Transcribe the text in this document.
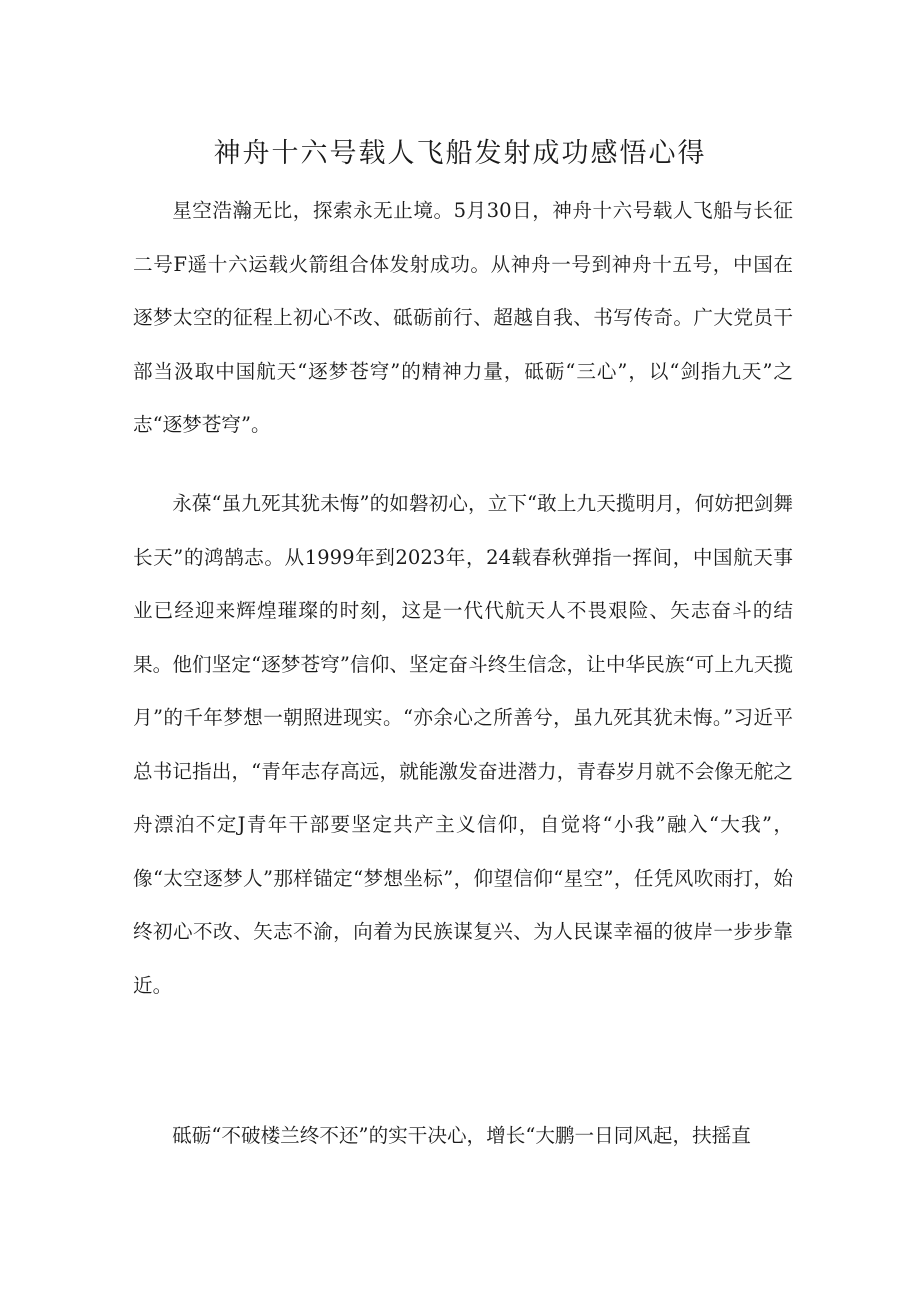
神舟十六号载人飞船发射成功感悟心得

星空浩瀚无比，探索永无止境。5月30日，神舟十六号载人飞船与长征二号F遥十六运载火箭组合体发射成功。从神舟一号到神舟十五号，中国在逐梦太空的征程上初心不改、砥砺前行、超越自我、书写传奇。广大党员干部当汲取中国航天“逐梦苍穹”的精神力量，砥砺“三心”，以“剑指九天”之志“逐梦苍穹”。

永葆“虽九死其犹未悔”的如磐初心，立下“敢上九天揽明月，何妨把剑舞长天”的鸿鹄志。从1999年到2023年，24载春秋弹指一挥间，中国航天事业已经迎来辉煌璀璨的时刻，这是一代代航天人不畏艰险、矢志奋斗的结果。他们坚定“逐梦苍穹”信仰、坚定奋斗终生信念，让中华民族“可上九天揽月”的千年梦想一朝照进现实。“亦余心之所善兮，虽九死其犹未悔。”习近平总书记指出，“青年志存高远，就能激发奋进潜力，青春岁月就不会像无舵之舟漂泊不定J青年干部要坚定共产主义信仰，自觉将“小我”融入“大我”，像“太空逐梦人”那样锚定“梦想坐标”，仰望信仰“星空”，任凭风吹雨打，始终初心不改、矢志不渝，向着为民族谋复兴、为人民谋幸福的彼岸一步步靠近。

砥砺“不破楼兰终不还”的实干决心，增长“大鹏一日同风起，扶摇直
